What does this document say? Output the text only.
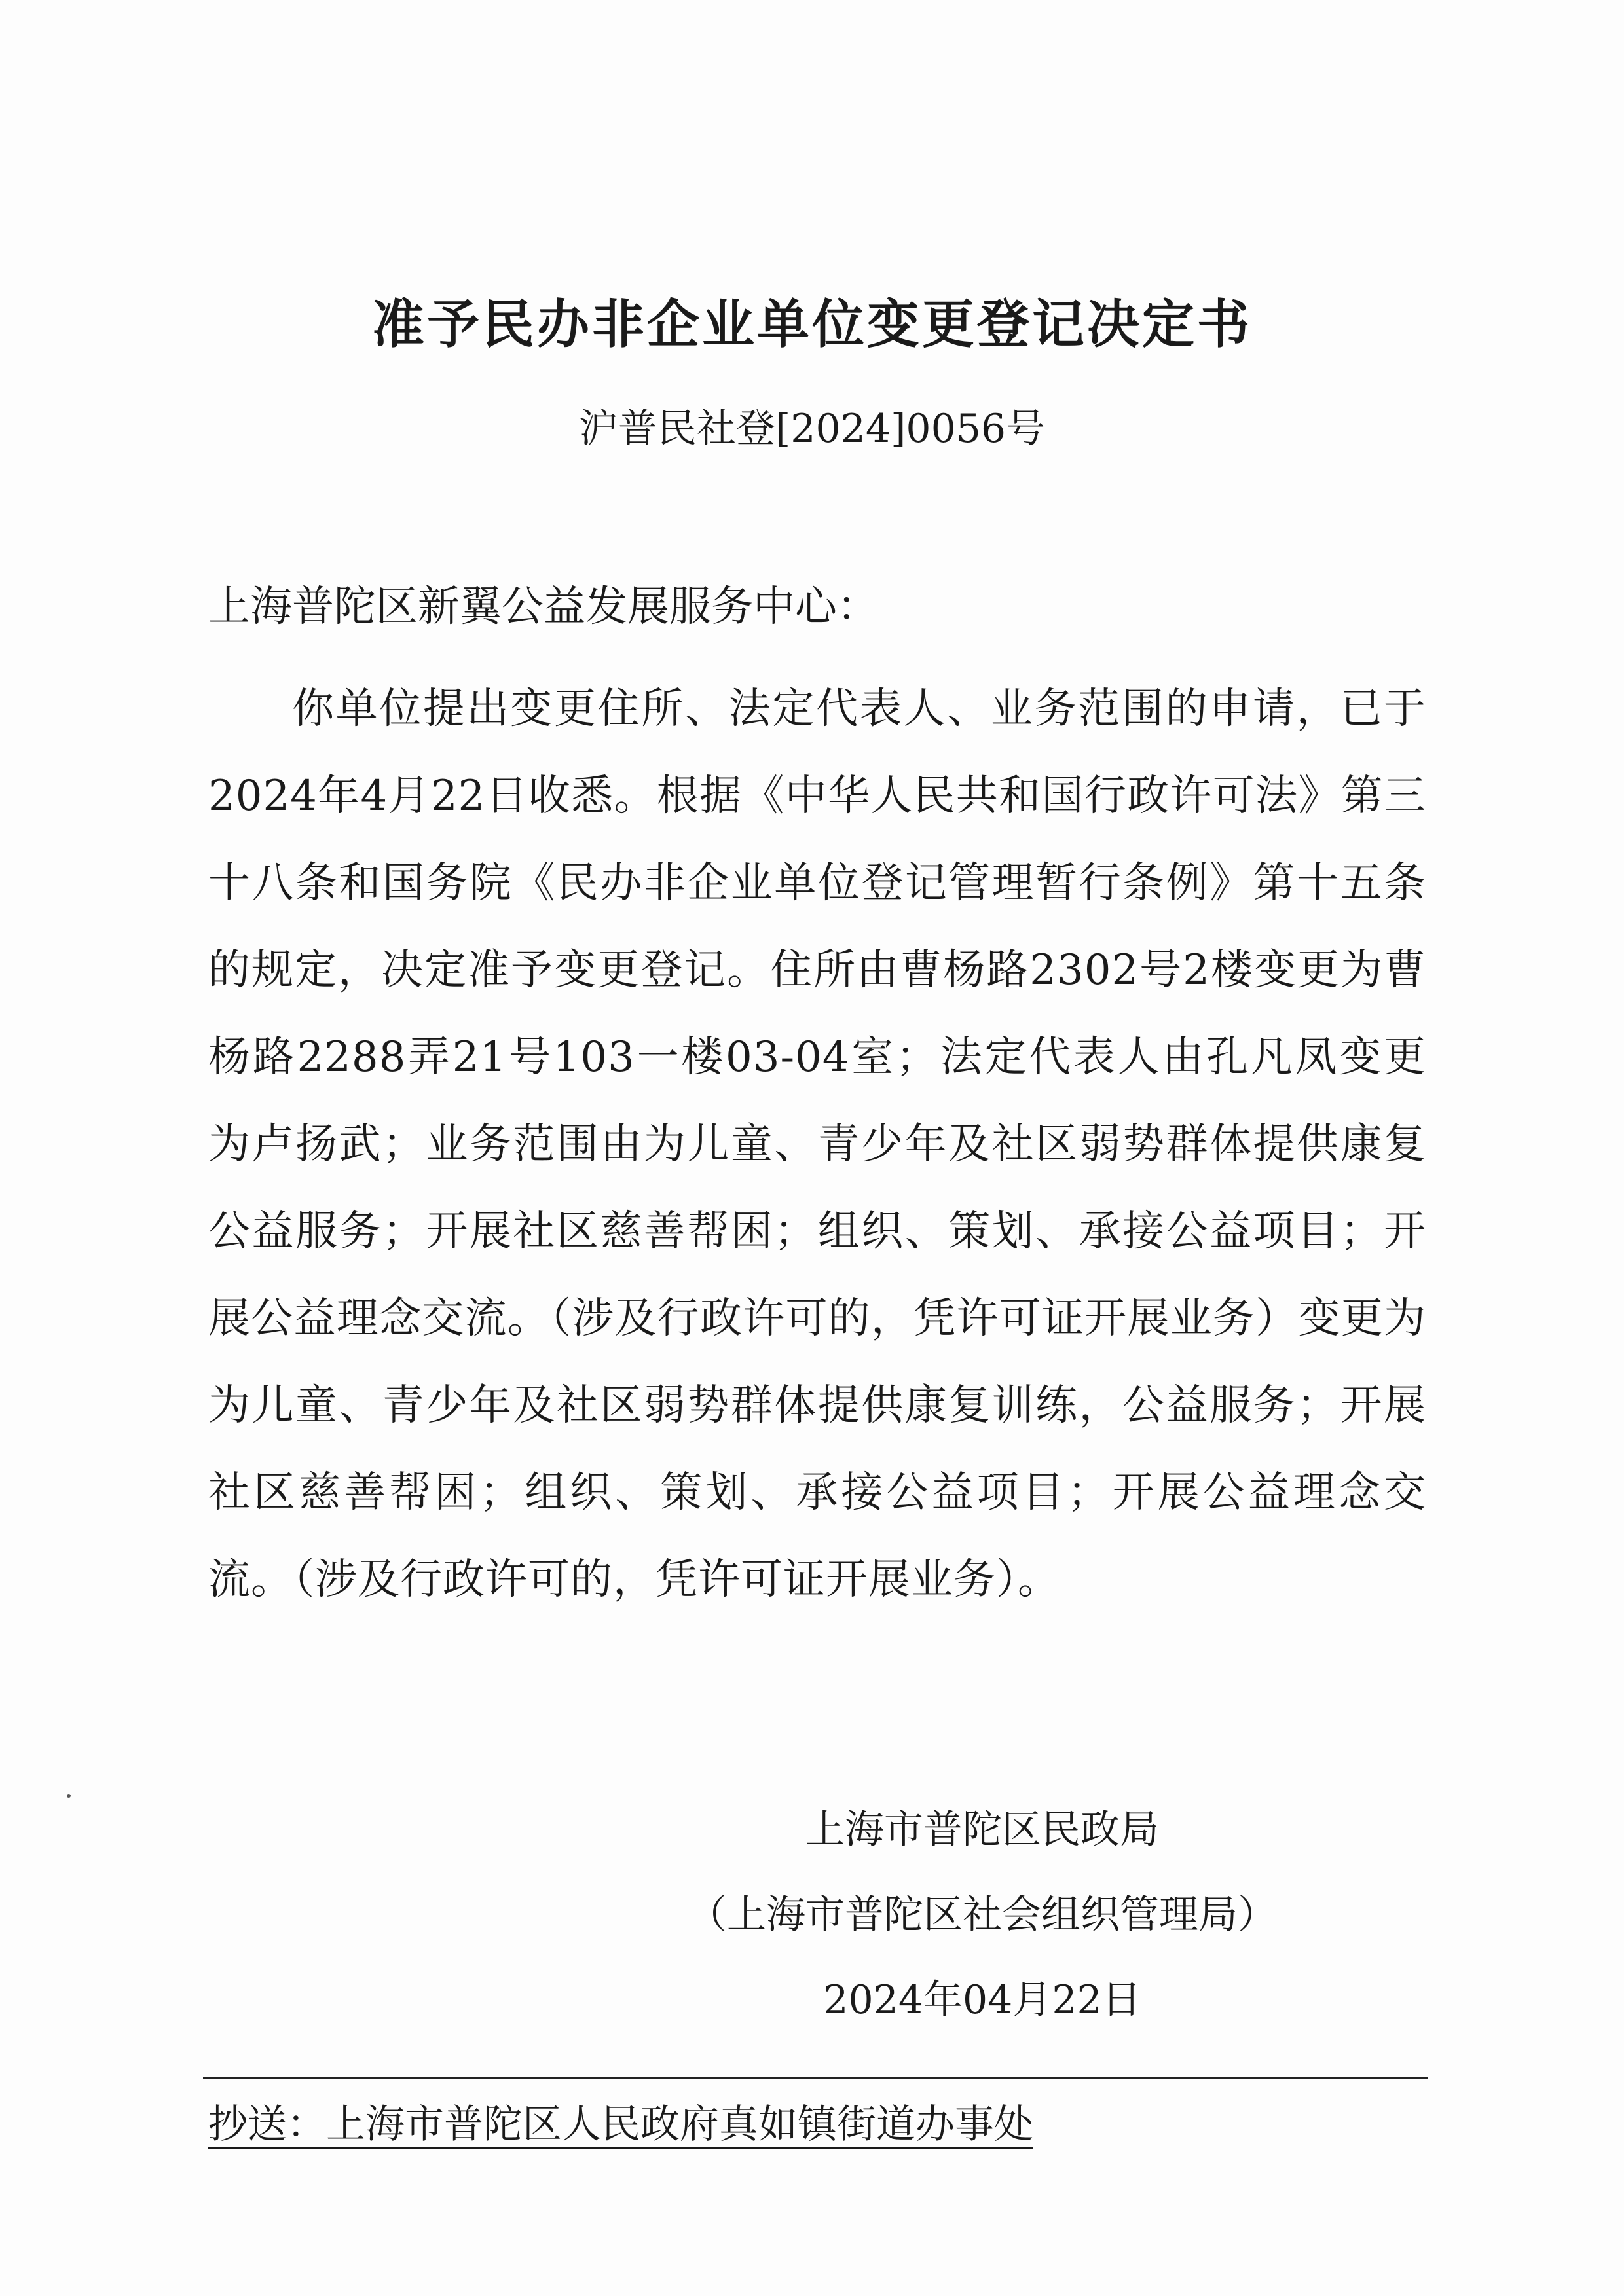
准予民办非企业单位变更登记决定书
沪普民社登[2024]0056号
上海普陀区新翼公益发展服务中心：
你单位提出变更住所、法定代表人、业务范围的申请，已于2024年4月22日收悉。根据《中华人民共和国行政许可法》第三十八条和国务院《民办非企业单位登记管理暂行条例》第十五条的规定，决定准予变更登记。住所由曹杨路2302号2楼变更为曹杨路2288弄21号103一楼03-04室；法定代表人由孔凡凤变更为卢扬武；业务范围由为儿童、青少年及社区弱势群体提供康复公益服务；开展社区慈善帮困；组织、策划、承接公益项目；开展公益理念交流。（涉及行政许可的，凭许可证开展业务）变更为为儿童、青少年及社区弱势群体提供康复训练，公益服务；开展社区慈善帮困；组织、策划、承接公益项目；开展公益理念交流。（涉及行政许可的，凭许可证开展业务）。
上海市普陀区民政局
（上海市普陀区社会组织管理局）
2024年04月22日
抄送：上海市普陀区人民政府真如镇街道办事处
